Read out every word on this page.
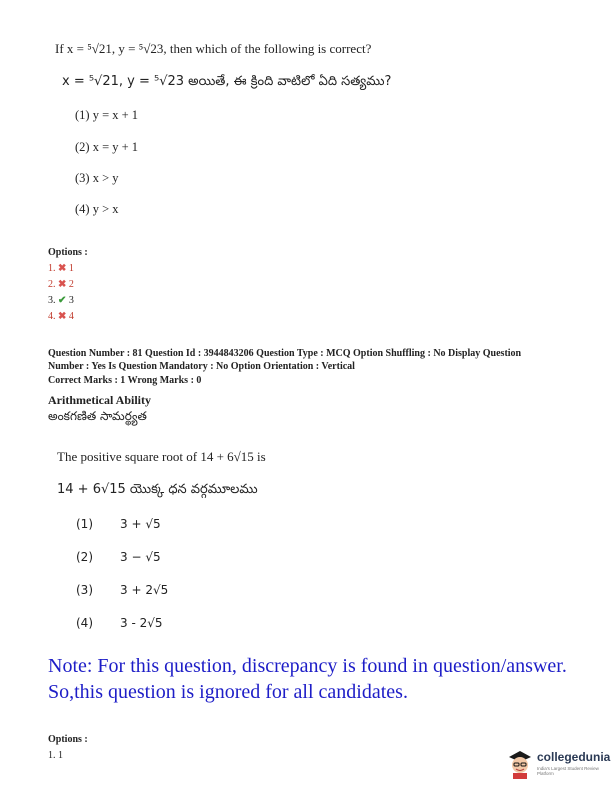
If x = ⁵√21, y = ⁵√23, then which of the following is correct?
x = ⁵√21, y = ⁵√23 అయితే, ఈ క్రింది వాటిలో ఏది సత్యము?
(1) y = x + 1
(2) x = y + 1
(3) x > y
(4) y > x
Options :
1. ✖ 1
2. ✖ 2
3. ✔ 3
4. ✖ 4
Question Number : 81 Question Id : 3944843206 Question Type : MCQ Option Shuffling : No Display Question
Number : Yes Is Question Mandatory : No Option Orientation : Vertical
Correct Marks : 1 Wrong Marks : 0
Arithmetical Ability
అంకగణిత సామర్థ్యత
The positive square root of 14 + 6√15 is
14 + 6√15 యొక్క ధన వర్గమూలము
(1) 3 + √5
(2) 3 − √5
(3) 3 + 2√5
(4) 3 - 2√5
Note: For this question, discrepancy is found in question/answer. So,this question is ignored for all candidates.
Options :
1. 1	collegedunia
India's Largest Student Review Platform
